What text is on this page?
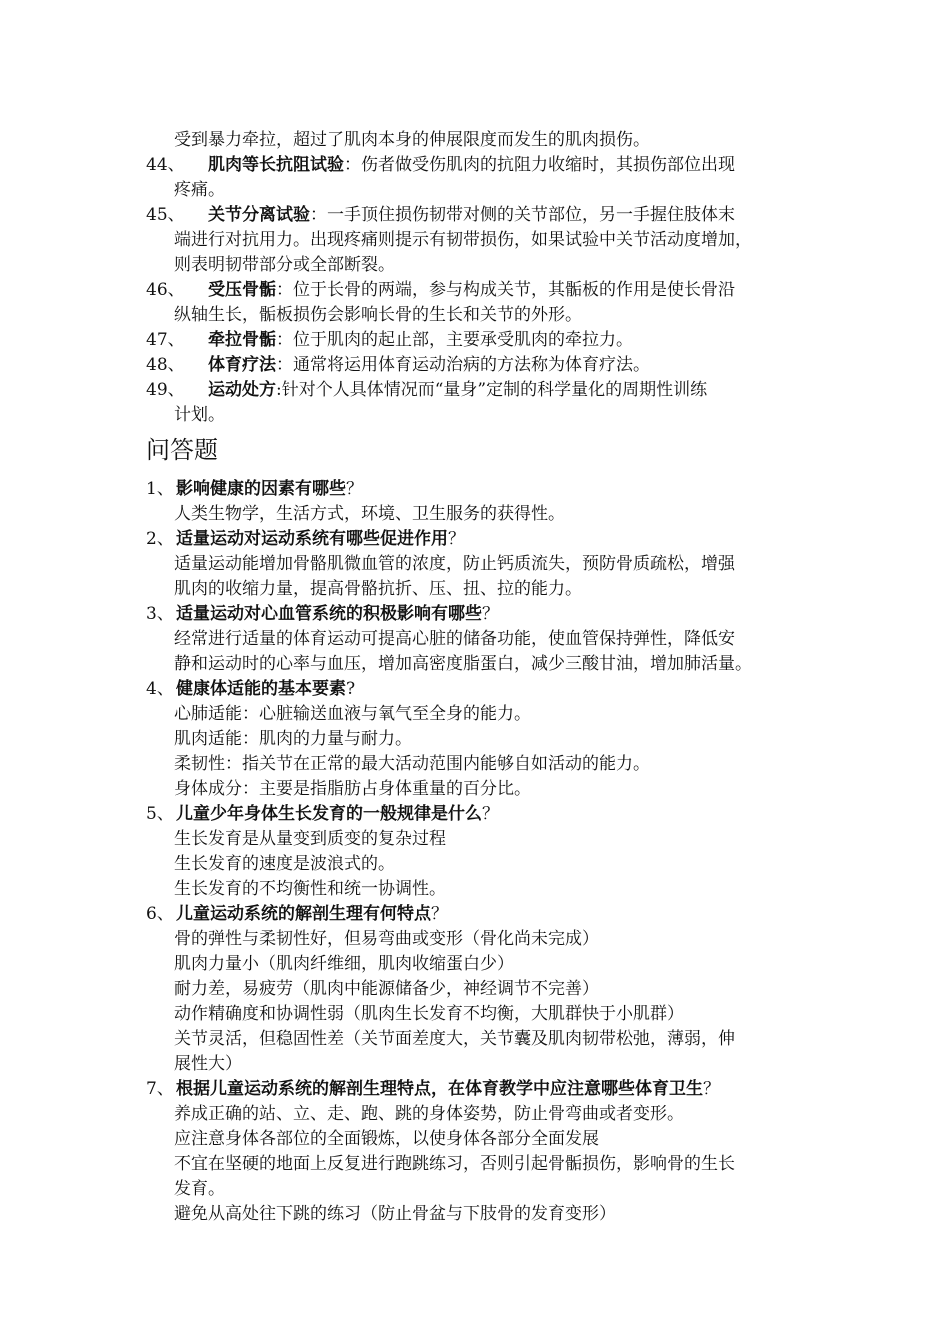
受到暴力牵拉，超过了肌肉本身的伸展限度而发生的肌肉损伤。
44、 肌肉等长抗阻试验：伤者做受伤肌肉的抗阻力收缩时，其损伤部位出现
疼痛。
45、 关节分离试验：一手顶住损伤韧带对侧的关节部位，另一手握住肢体末
端进行对抗用力。出现疼痛则提示有韧带损伤，如果试验中关节活动度增加，
则表明韧带部分或全部断裂。
46、 受压骨骺：位于长骨的两端，参与构成关节，其骺板的作用是使长骨沿
纵轴生长，骺板损伤会影响长骨的生长和关节的外形。
47、 牵拉骨骺：位于肌肉的起止部，主要承受肌肉的牵拉力。
48、 体育疗法：通常将运用体育运动治病的方法称为体育疗法。
49、 运动处方:针对个人具体情况而“量身”定制的科学量化的周期性训练
计划。
问答题
1、 影响健康的因素有哪些？
人类生物学，生活方式，环境、卫生服务的获得性。
2、 适量运动对运动系统有哪些促进作用？
适量运动能增加骨骼肌微血管的浓度，防止钙质流失，预防骨质疏松，增强
肌肉的收缩力量，提高骨骼抗折、压、扭、拉的能力。
3、 适量运动对心血管系统的积极影响有哪些？
经常进行适量的体育运动可提高心脏的储备功能，使血管保持弹性，降低安
静和运动时的心率与血压，增加高密度脂蛋白，减少三酸甘油，增加肺活量。
4、 健康体适能的基本要素?
心肺适能：心脏输送血液与氧气至全身的能力。
肌肉适能：肌肉的力量与耐力。
柔韧性：指关节在正常的最大活动范围内能够自如活动的能力。
身体成分：主要是指脂肪占身体重量的百分比。
5、 儿童少年身体生长发育的一般规律是什么？
生长发育是从量变到质变的复杂过程
生长发育的速度是波浪式的。
生长发育的不均衡性和统一协调性。
6、 儿童运动系统的解剖生理有何特点？
骨的弹性与柔韧性好，但易弯曲或变形（骨化尚未完成）
肌肉力量小（肌肉纤维细，肌肉收缩蛋白少）
耐力差，易疲劳（肌肉中能源储备少，神经调节不完善）
动作精确度和协调性弱（肌肉生长发育不均衡，大肌群快于小肌群）
关节灵活，但稳固性差（关节面差度大，关节囊及肌肉韧带松弛，薄弱，伸
展性大）
7、 根据儿童运动系统的解剖生理特点，在体育教学中应注意哪些体育卫生？
养成正确的站、立、走、跑、跳的身体姿势，防止骨弯曲或者变形。
应注意身体各部位的全面锻炼，以使身体各部分全面发展
不宜在坚硬的地面上反复进行跑跳练习，否则引起骨骺损伤，影响骨的生长
发育。
避免从高处往下跳的练习（防止骨盆与下肢骨的发育变形）
